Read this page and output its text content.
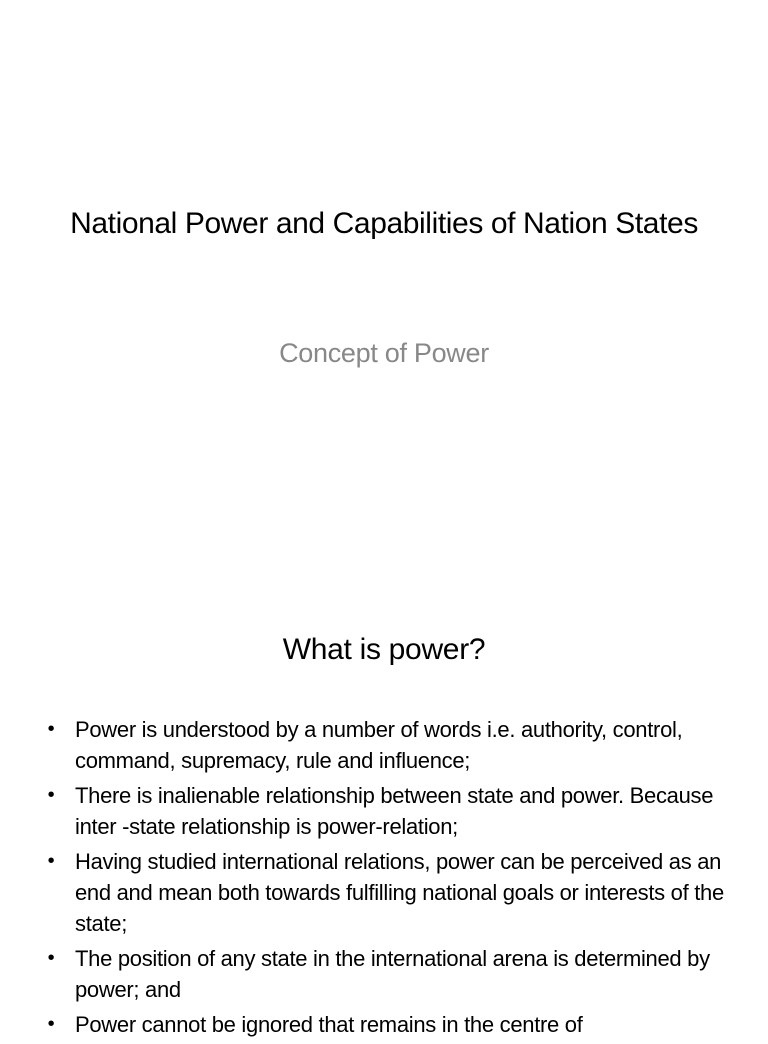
National Power and Capabilities of Nation States
Concept of Power
What is power?
• Power is understood by a number of words i.e. authority, control, command, supremacy, rule and influence;
• There is inalienable relationship between state and power. Because inter -state relationship is power-relation;
• Having studied international relations, power can be perceived as an end and mean both towards fulfilling national goals or interests of the state;
• The position of any state in the international arena is determined by power; and
• Power cannot be ignored that remains in the centre of
